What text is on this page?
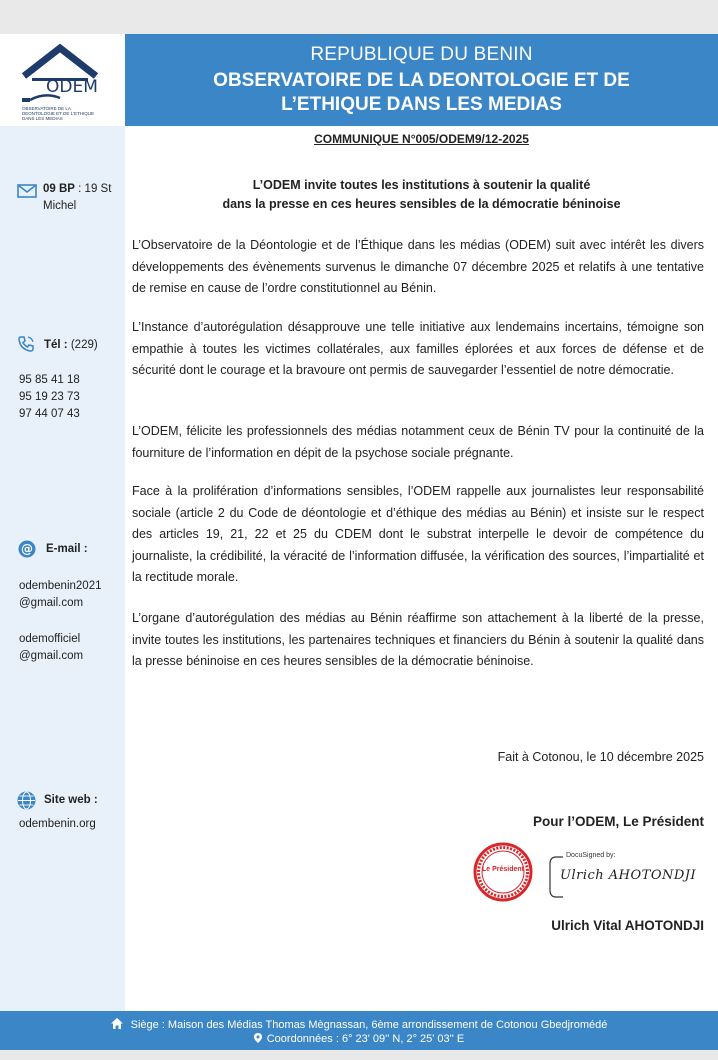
ODEM
OBSERVATOIRE DE LA DEONTOLOGIE ET DE L'ETHIQUE DANS LES MEDIAS
REPUBLIQUE DU BENIN
OBSERVATOIRE DE LA DEONTOLOGIE ET DE
L’ETHIQUE DANS LES MEDIAS
09 BP : 19 St
Michel
Tél : (229)
95 85 41 18
95 19 23 73
97 44 07 43
@ E-mail :
odembenin2021
@gmail.com
odemofficiel
@gmail.com
Site web :
odembenin.org
COMMUNIQUE N°005/ODEM9/12-2025
L’ODEM invite toutes les institutions à soutenir la qualité
dans la presse en ces heures sensibles de la démocratie béninoise

L’Observatoire de la Déontologie et de l’Éthique dans les médias (ODEM) suit avec intérêt les divers développements des évènements survenus le dimanche 07 décembre 2025 et relatifs à une tentative de remise en cause de l’ordre constitutionnel au Bénin.

L’Instance d’autorégulation désapprouve une telle initiative aux lendemains incertains, témoigne son empathie à toutes les victimes collatérales, aux familles éplorées et aux forces de défense et de sécurité dont le courage et la bravoure ont permis de sauvegarder l’essentiel de notre démocratie.

L’ODEM, félicite les professionnels des médias notamment ceux de Bénin TV pour la continuité de la fourniture de l’information en dépit de la psychose sociale prégnante.

Face à la prolifération d’informations sensibles, l’ODEM rappelle aux journalistes leur responsabilité sociale (article 2 du Code de déontologie et d’éthique des médias au Bénin) et insiste sur le respect des articles 19, 21, 22 et 25 du CDEM dont le substrat interpelle le devoir de compétence du journaliste, la crédibilité, la véracité de l’information diffusée, la vérification des sources, l’impartialité et la rectitude morale.

L’organe d’autorégulation des médias au Bénin réaffirme son attachement à la liberté de la presse, invite toutes les institutions, les partenaires techniques et financiers du Bénin à soutenir la qualité dans la presse béninoise en ces heures sensibles de la démocratie béninoise.

Fait à Cotonou, le 10 décembre 2025
Pour l’ODEM, Le Président
Le Président
DocuSigned by:
Ulrich AHOTONDJI
Ulrich Vital AHOTONDJI
Siège : Maison des Médias Thomas Mègnassan, 6ème arrondissement de Cotonou Gbedjromédé
Coordonnées : 6° 23' 09'' N, 2° 25' 03'' E
